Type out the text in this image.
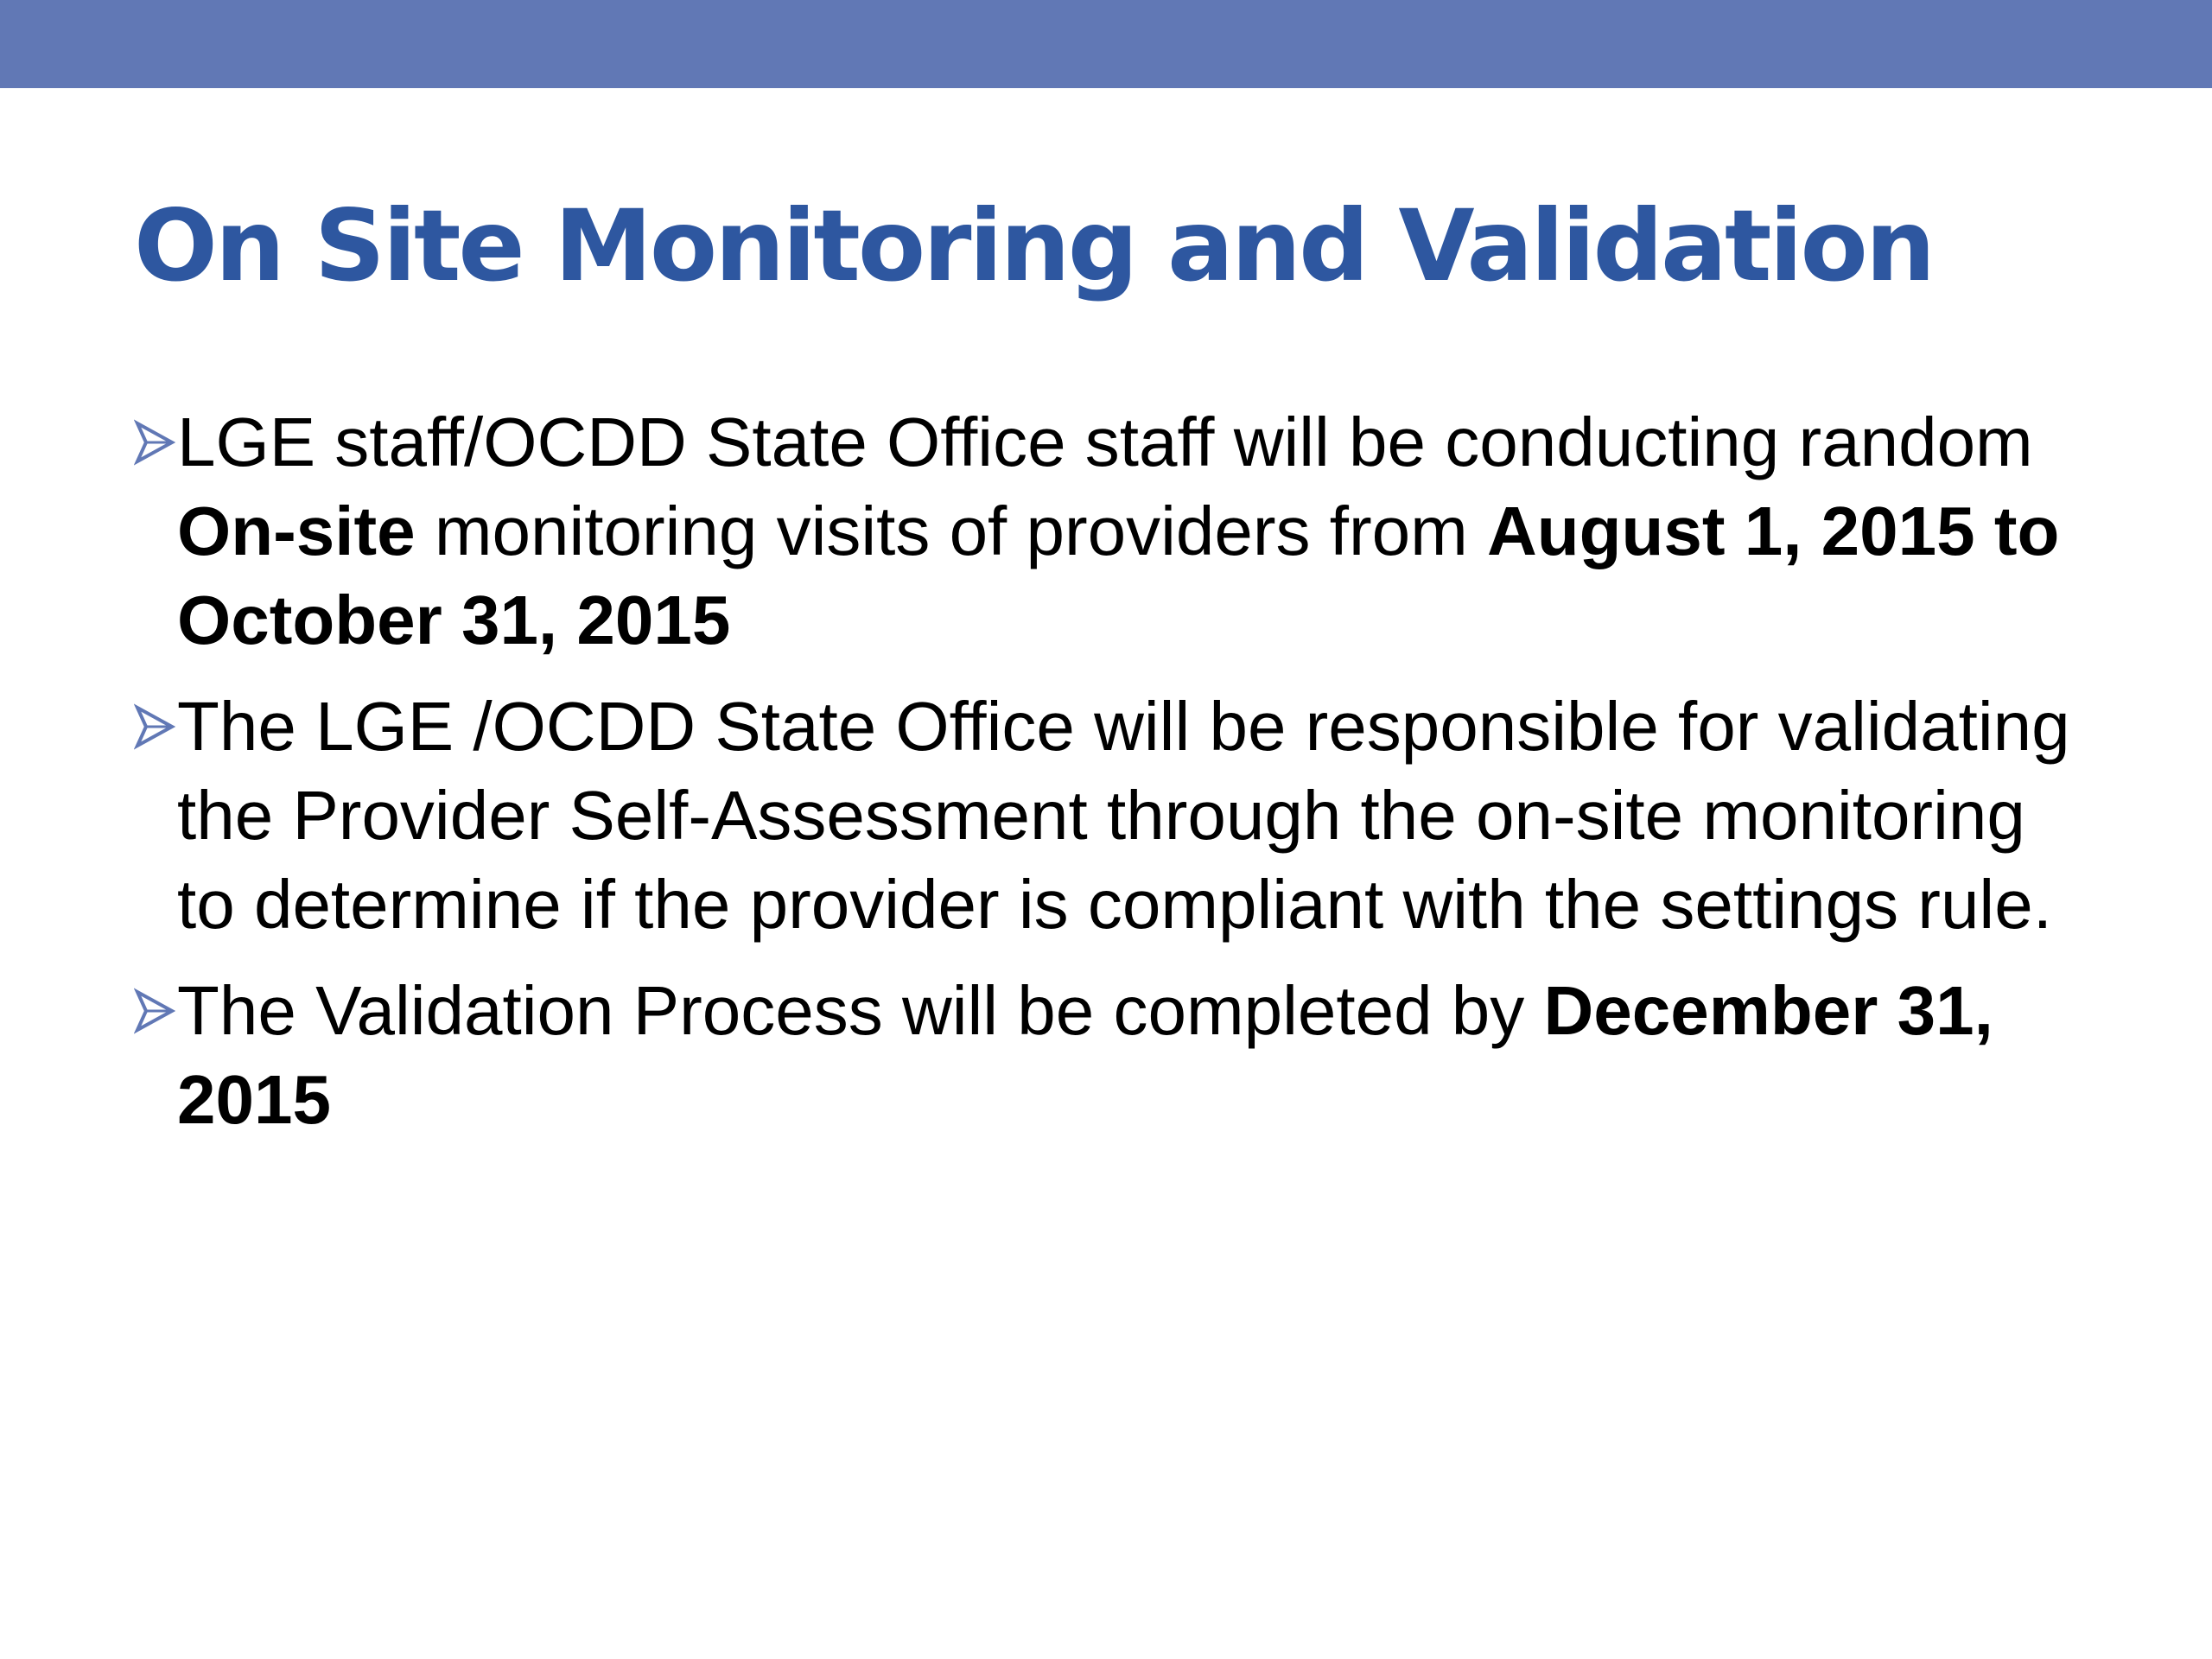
On Site Monitoring and Validation
LGE staff/OCDD State Office staff will be conducting random On-site monitoring visits of providers from August 1, 2015 to October 31, 2015
The LGE /OCDD State Office will be responsible for validating the Provider Self-Assessment through the on-site monitoring to determine if the provider is compliant with the settings rule.
The Validation Process will be completed by December 31, 2015
